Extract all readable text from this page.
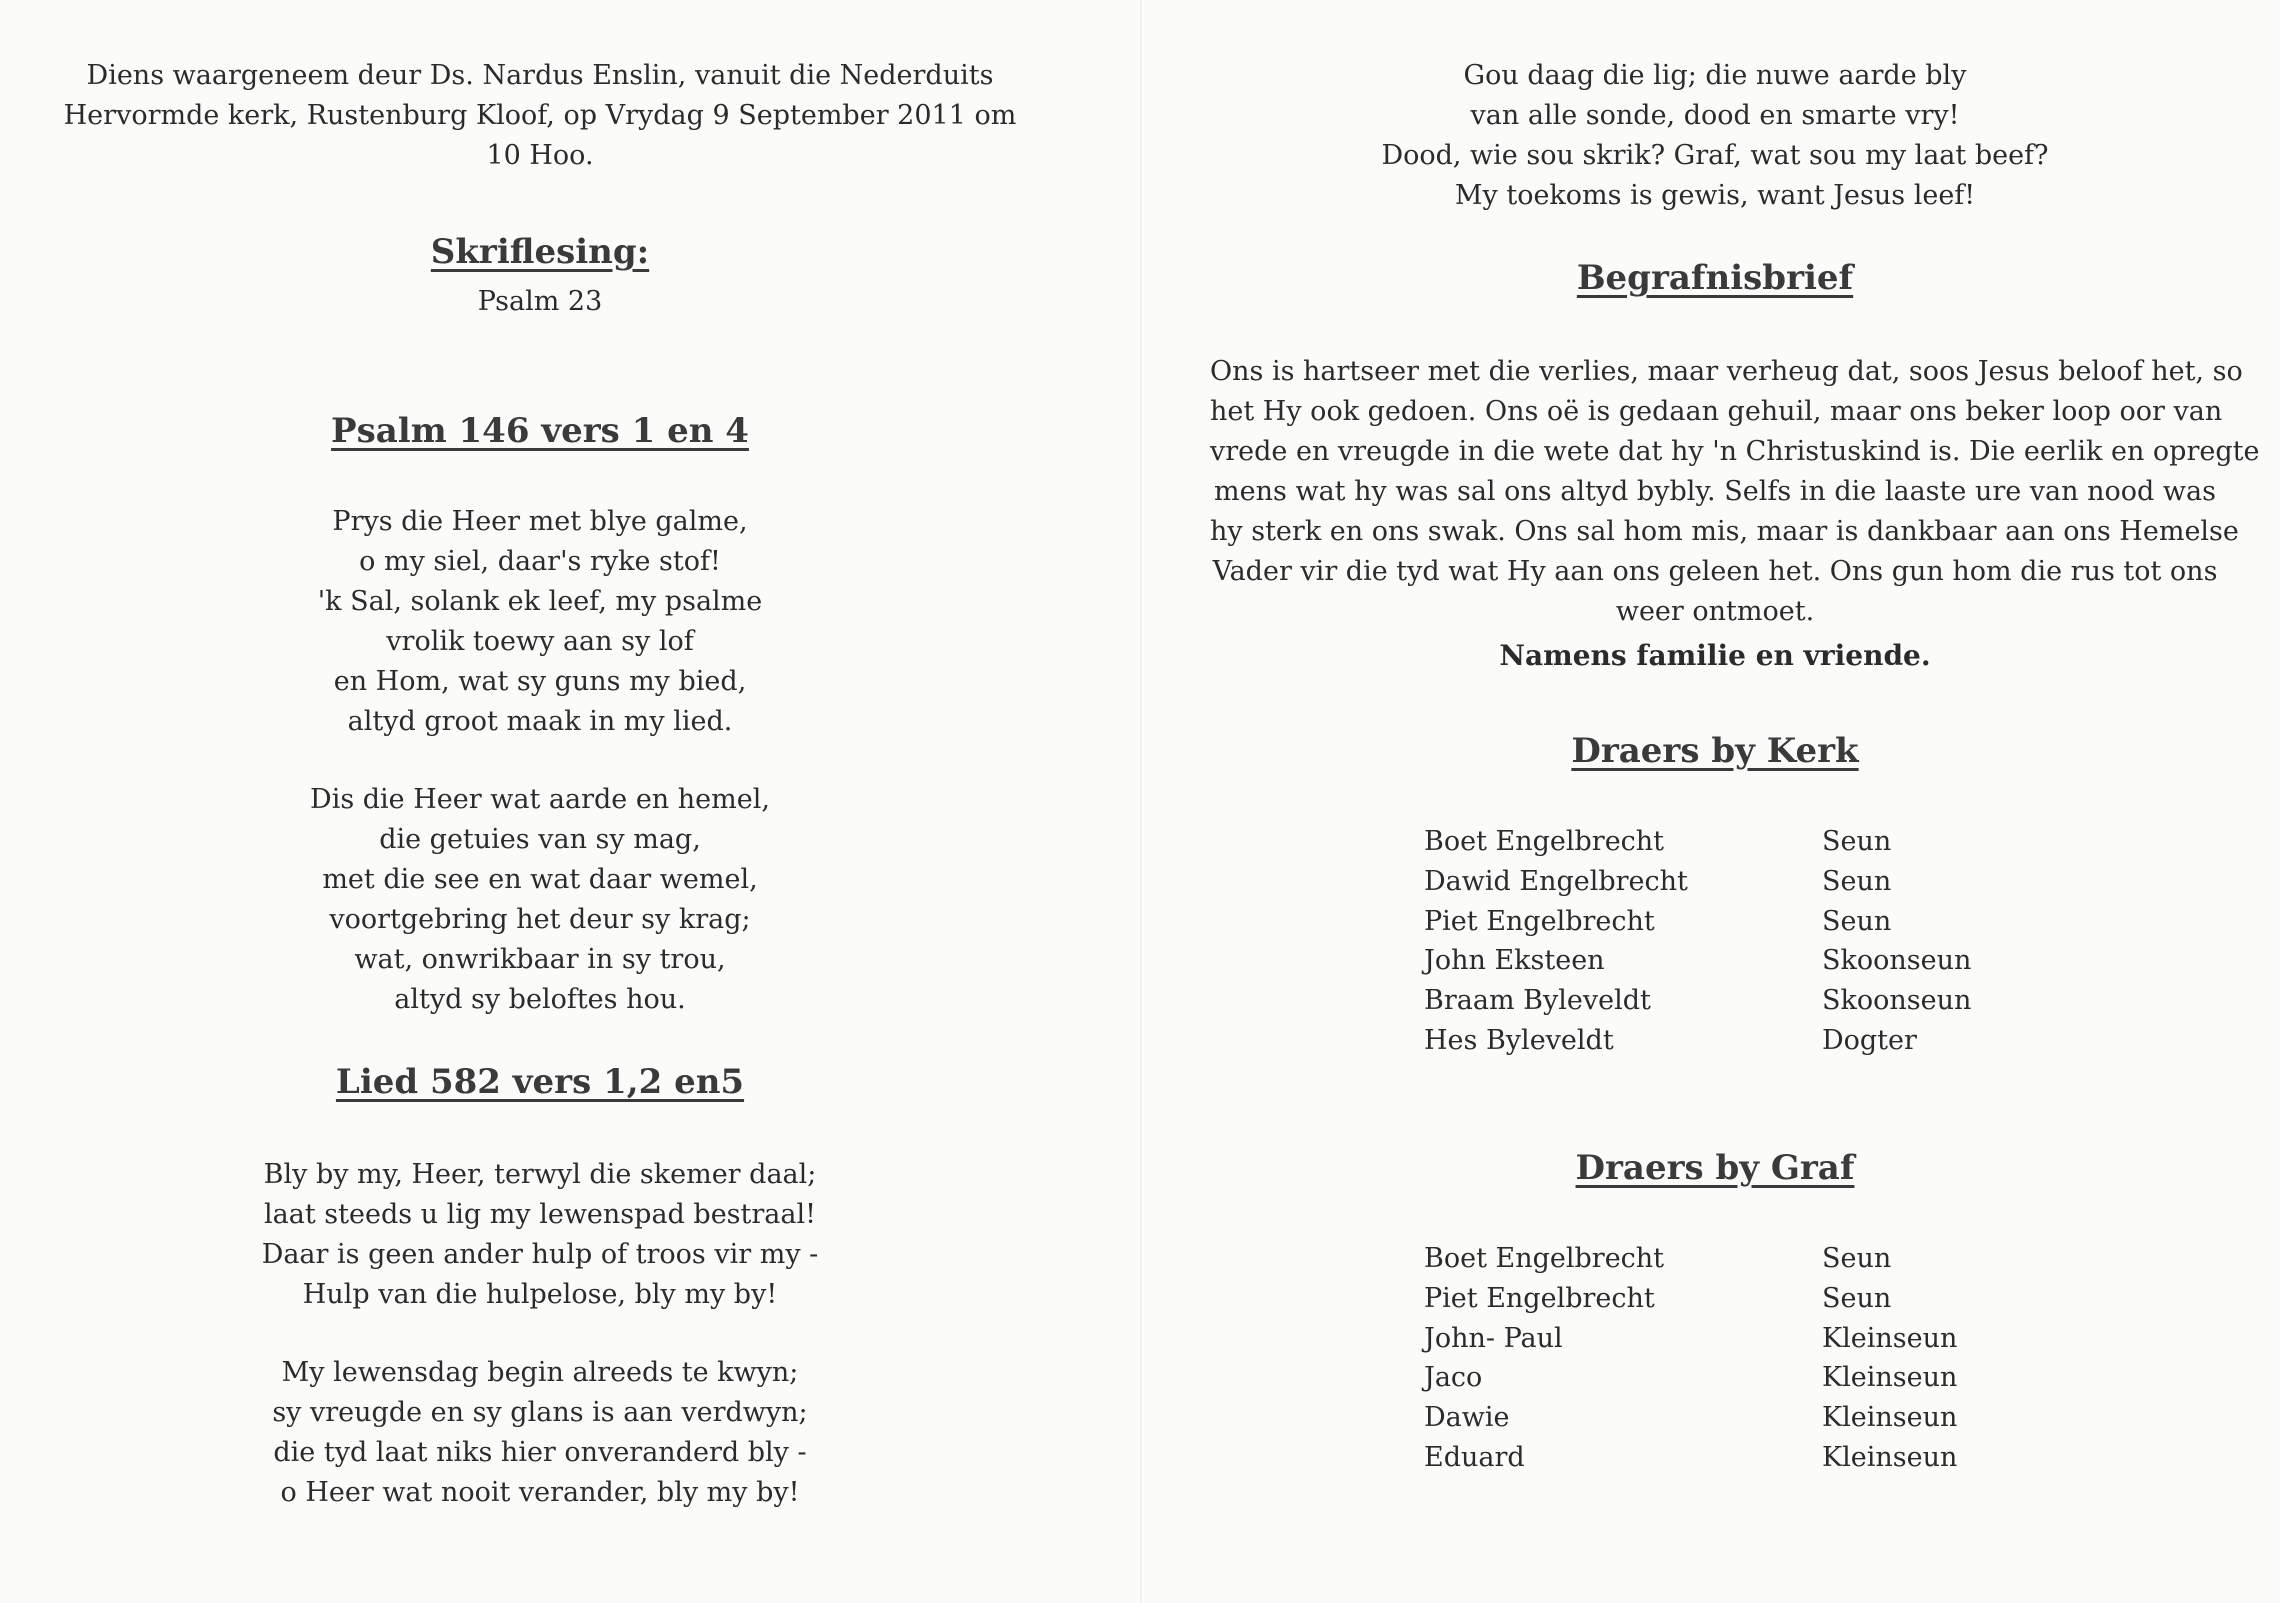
Diens waargeneem deur Ds. Nardus Enslin, vanuit die Nederduits
Hervormde kerk, Rustenburg Kloof, op Vrydag 9 September 2011 om
10 Hoo.
Skriflesing:
Psalm 23
Psalm 146 vers 1 en 4
Prys die Heer met blye galme,
o my siel, daar's ryke stof!
'k Sal, solank ek leef, my psalme
vrolik toewy aan sy lof
en Hom, wat sy guns my bied,
altyd groot maak in my lied.
Dis die Heer wat aarde en hemel,
die getuies van sy mag,
met die see en wat daar wemel,
voortgebring het deur sy krag;
wat, onwrikbaar in sy trou,
altyd sy beloftes hou.
Lied 582 vers 1,2 en5
Bly by my, Heer, terwyl die skemer daal;
laat steeds u lig my lewenspad bestraal!
Daar is geen ander hulp of troos vir my -
Hulp van die hulpelose, bly my by!
My lewensdag begin alreeds te kwyn;
sy vreugde en sy glans is aan verdwyn;
die tyd laat niks hier onveranderd bly -
o Heer wat nooit verander, bly my by!
Gou daag die lig; die nuwe aarde bly
van alle sonde, dood en smarte vry!
Dood, wie sou skrik? Graf, wat sou my laat beef?
My toekoms is gewis, want Jesus leef!
Begrafnisbrief
Ons is hartseer met die verlies, maar verheug dat, soos Jesus beloof het, so
het Hy ook gedoen. Ons oë is gedaan gehuil, maar ons beker loop oor van
vrede en vreugde in die wete dat hy 'n Christuskind is. Die eerlik en opregte
mens wat hy was sal ons altyd bybly. Selfs in die laaste ure van nood was
hy sterk en ons swak. Ons sal hom mis, maar is dankbaar aan ons Hemelse
Vader vir die tyd wat Hy aan ons geleen het. Ons gun hom die rus tot ons
weer ontmoet.
Namens familie en vriende.
Draers by Kerk
Boet Engelbrecht	Seun
Dawid Engelbrecht	Seun
Piet Engelbrecht	Seun
John Eksteen	Skoonseun
Braam Byleveldt	Skoonseun
Hes Byleveldt	Dogter
Draers by Graf
Boet Engelbrecht	Seun
Piet Engelbrecht	Seun
John- Paul	Kleinseun
Jaco	Kleinseun
Dawie	Kleinseun
Eduard	Kleinseun
